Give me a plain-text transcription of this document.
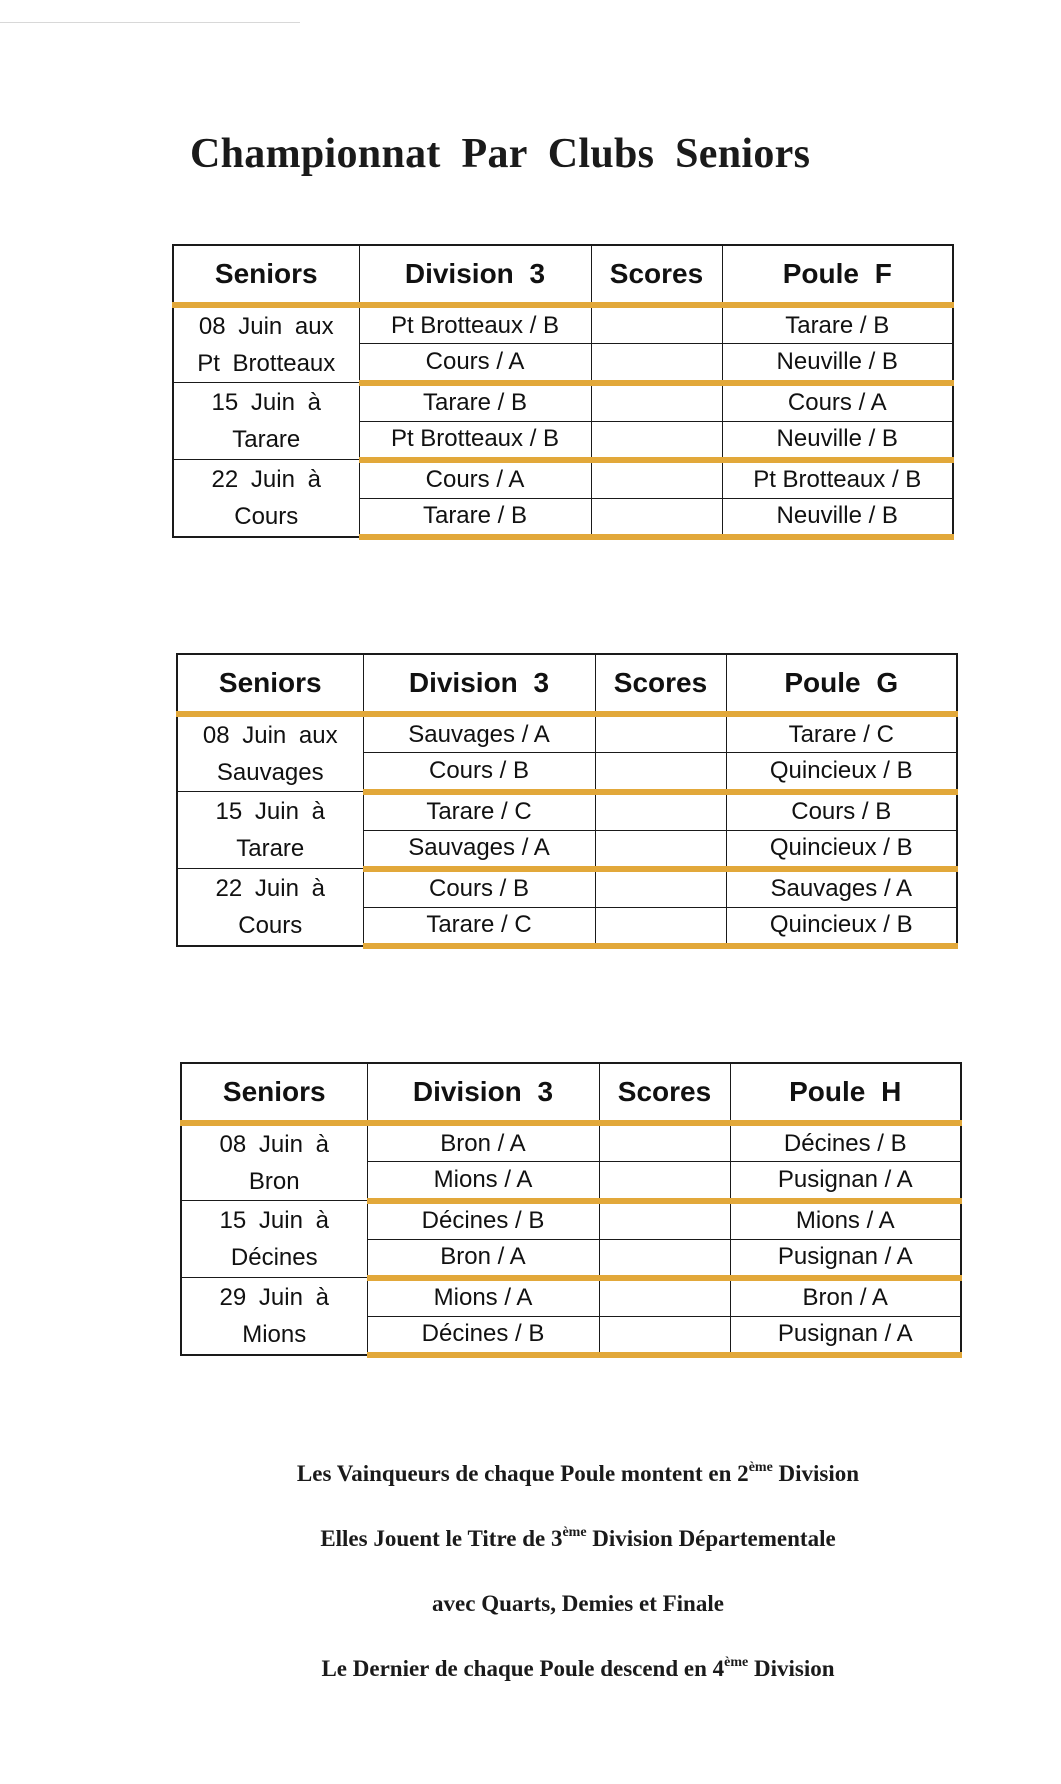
Championnat Par Clubs Seniors
Seniors	Division 3	Scores	Poule F

08 Juin aux
Pt Brotteaux	Pt Brotteaux / B		Tarare / B
	Cours / A		Neuville / B

15 Juin à
Tarare	Tarare / B		Cours / A
	Pt Brotteaux / B		Neuville / B

22 Juin à
Cours	Cours / A		Pt Brotteaux / B
	Tarare / B		Neuville / B
Seniors	Division 3	Scores	Poule G

08 Juin aux
Sauvages	Sauvages / A		Tarare / C
	Cours / B		Quincieux / B

15 Juin à
Tarare	Tarare / C		Cours / B
	Sauvages / A		Quincieux / B

22 Juin à
Cours	Cours / B		Sauvages / A
	Tarare / C		Quincieux / B
Seniors	Division 3	Scores	Poule H

08 Juin à
Bron	Bron / A		Décines / B
	Mions / A		Pusignan / A

15 Juin à
Décines	Décines / B		Mions / A
	Bron / A		Pusignan / A

29 Juin à
Mions	Mions / A		Bron / A
	Décines / B		Pusignan / A

Les Vainqueurs de chaque Poule montent en 2ème Division

Elles Jouent le Titre de 3ème Division Départementale

avec Quarts, Demies et Finale

Le Dernier de chaque Poule descend en 4ème Division
